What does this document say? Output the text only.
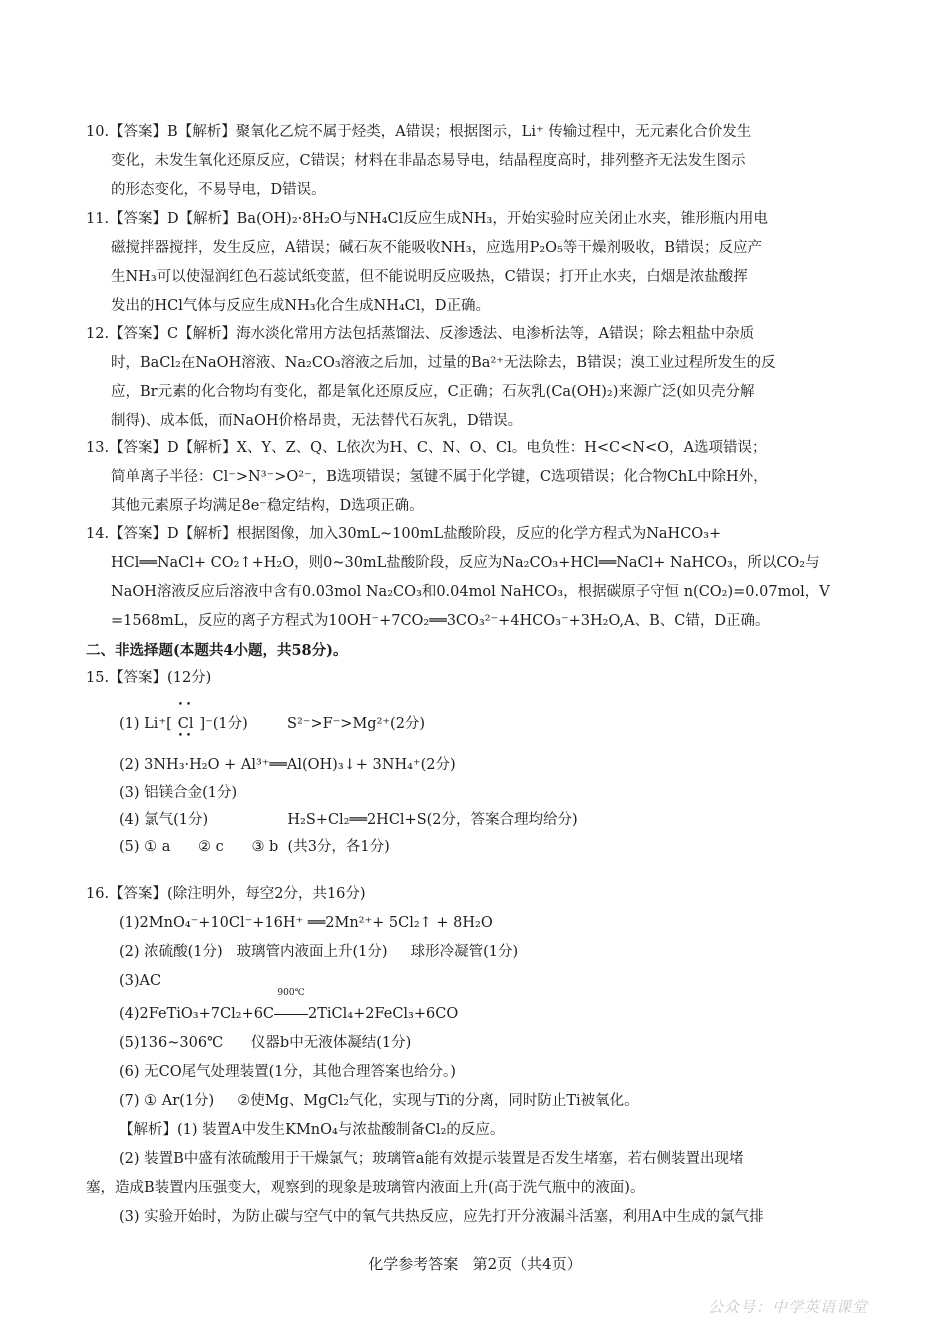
10.【答案】B【解析】聚氧化乙烷不属于烃类，A错误；根据图示，Li⁺ 传输过程中，无元素化合价发生
变化，未发生氧化还原反应，C错误；材料在非晶态易导电，结晶程度高时，排列整齐无法发生图示
的形态变化，不易导电，D错误。
11.【答案】D【解析】Ba(OH)₂·8H₂O与NH₄Cl反应生成NH₃，开始实验时应关闭止水夹，锥形瓶内用电
磁搅拌器搅拌，发生反应，A错误；碱石灰不能吸收NH₃，应选用P₂O₅等干燥剂吸收，B错误；反应产
生NH₃可以使湿润红色石蕊试纸变蓝，但不能说明反应吸热，C错误；打开止水夹，白烟是浓盐酸挥
发出的HCl气体与反应生成NH₃化合生成NH₄Cl，D正确。
12.【答案】C【解析】海水淡化常用方法包括蒸馏法、反渗透法、电渗析法等，A错误；除去粗盐中杂质
时，BaCl₂在NaOH溶液、Na₂CO₃溶液之后加，过量的Ba²⁺无法除去，B错误；溴工业过程所发生的反
应，Br元素的化合物均有变化，都是氧化还原反应，C正确；石灰乳(Ca(OH)₂)来源广泛(如贝壳分解
制得)、成本低，而NaOH价格昂贵，无法替代石灰乳，D错误。
13.【答案】D【解析】X、Y、Z、Q、L依次为H、C、N、O、Cl。电负性：H<C<N<O，A选项错误；
简单离子半径：Cl⁻>N³⁻>O²⁻，B选项错误；氢键不属于化学键，C选项错误；化合物ChL中除H外，
其他元素原子均满足8e⁻稳定结构，D选项正确。
14.【答案】D【解析】根据图像，加入30mL~100mL盐酸阶段，反应的化学方程式为NaHCO₃+
HCl══NaCl+ CO₂↑+H₂O，则0~30mL盐酸阶段，反应为Na₂CO₃+HCl══NaCl+ NaHCO₃，所以CO₂与
NaOH溶液反应后溶液中含有0.03mol Na₂CO₃和0.04mol NaHCO₃，根据碳原子守恒 n(CO₂)=0.07mol，V
=1568mL，反应的离子方程式为10OH⁻+7CO₂══3CO₃²⁻+4HCO₃⁻+3H₂O,A、B、C错，D正确。
二、非选择题(本题共4小题，共58分)。
15.【答案】(12分)
(1) Li⁺[
• •
Cl
• •
]⁻(1分)	S²⁻>F⁻>Mg²⁺(2分)
(2) 3NH₃·H₂O + Al³⁺══Al(OH)₃↓+ 3NH₄⁺(2分)
(3) 铝镁合金(1分)
(4) 氯气(1分)	H₂S+Cl₂══2HCl+S(2分，答案合理均给分)
(5) ① a      ② c      ③ b  (共3分，各1分)
16.【答案】(除注明外，每空2分，共16分)
(1)2MnO₄⁻+10Cl⁻+16H⁺ ══2Mn²⁺+ 5Cl₂↑ + 8H₂O
(2) 浓硫酸(1分)   玻璃管内液面上升(1分)     球形冷凝管(1分)
(3)AC
(4)2FeTiO₃+7Cl₂+6C
900℃
2TiCl₄+2FeCl₃+6CO
(5)136~306℃      仪器b中无液体凝结(1分)
(6) 无CO尾气处理装置(1分，其他合理答案也给分。)
(7) ① Ar(1分)     ②使Mg、MgCl₂气化，实现与Ti的分离，同时防止Ti被氧化。
【解析】(1) 装置A中发生KMnO₄与浓盐酸制备Cl₂的反应。
(2) 装置B中盛有浓硫酸用于干燥氯气；玻璃管a能有效提示装置是否发生堵塞，若右侧装置出现堵
塞，造成B装置内压强变大，观察到的现象是玻璃管内液面上升(高于洗气瓶中的液面)。
(3) 实验开始时，为防止碳与空气中的氧气共热反应，应先打开分液漏斗活塞，利用A中生成的氯气排
化学参考答案   第2页（共4页）
公众号：中学英语课堂
